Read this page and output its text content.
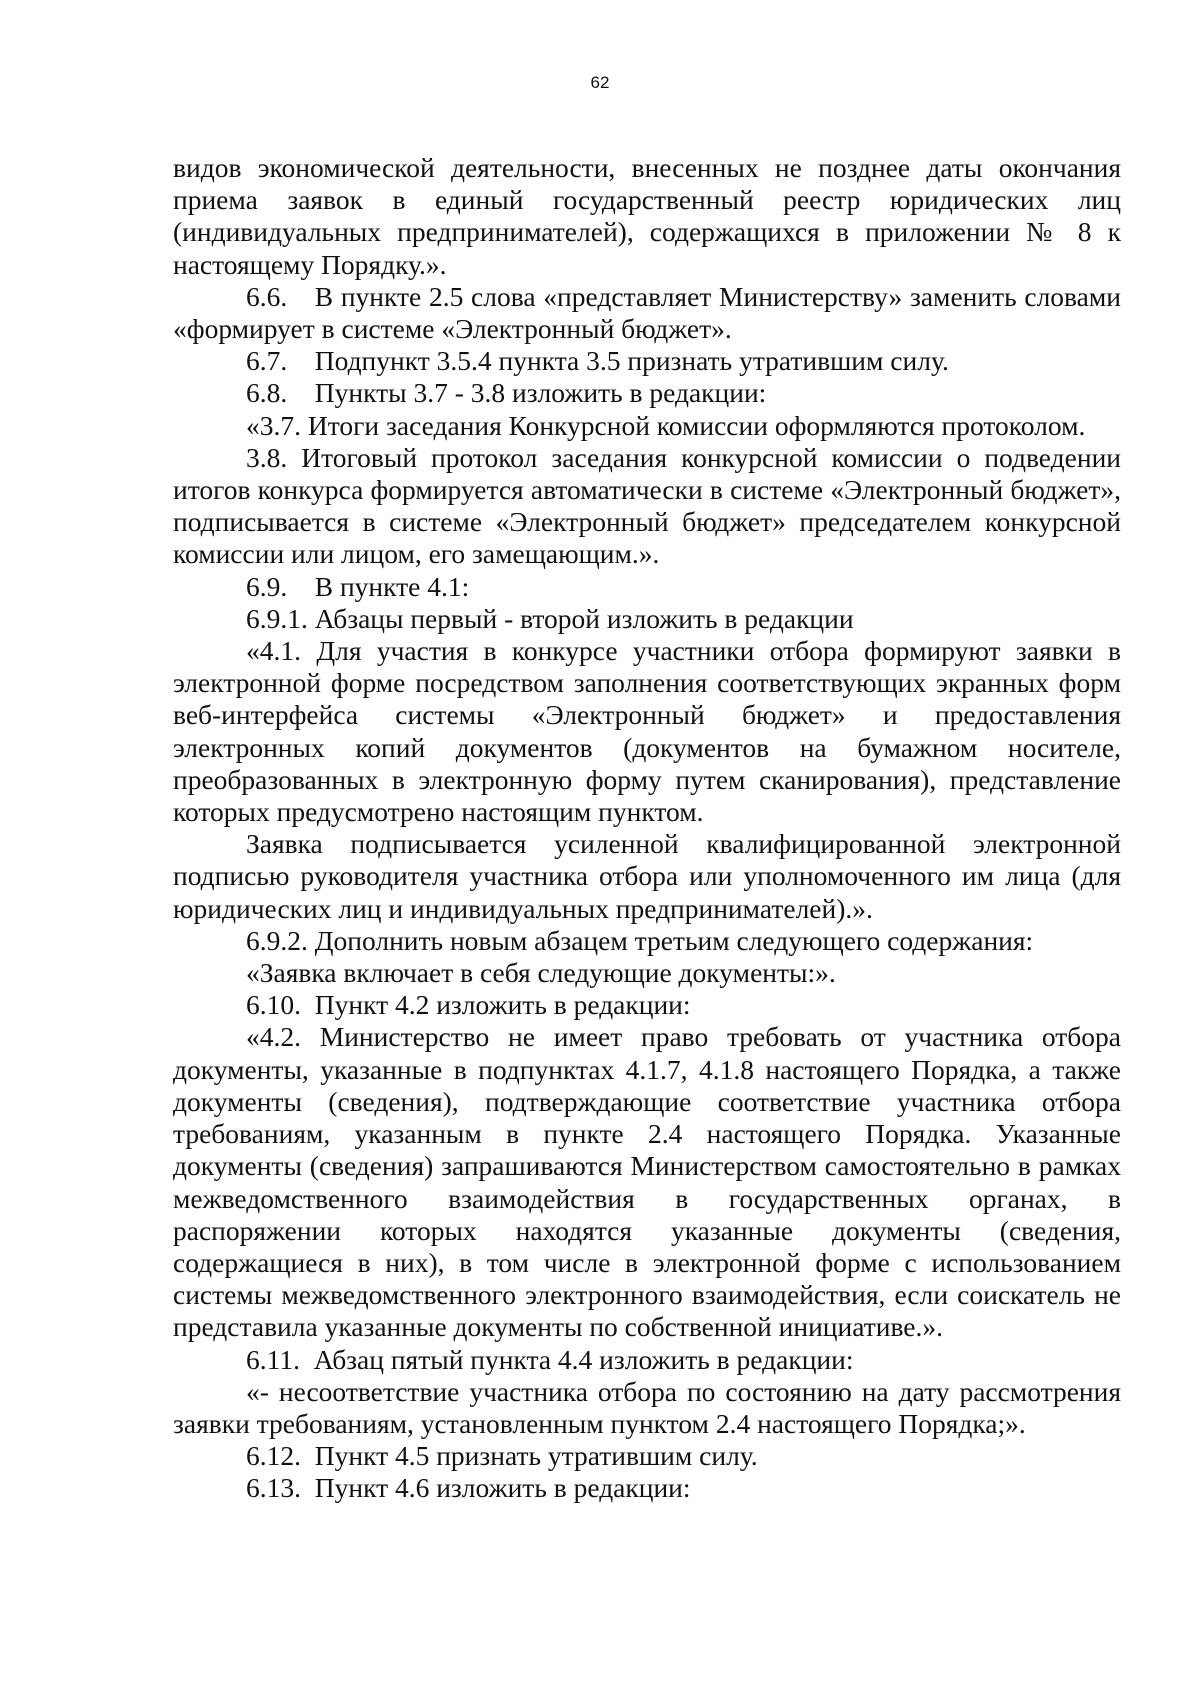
62

видов экономической деятельности, внесенных не позднее даты окончания приема заявок в единый государственный реестр юридических лиц (индивидуальных предпринимателей), содержащихся в приложении № 8 к настоящему Порядку.».

6.6. В пункте 2.5 слова «представляет Министерству» заменить словами «формирует в системе «Электронный бюджет».

6.7. Подпункт 3.5.4 пункта 3.5 признать утратившим силу.

6.8. Пункты 3.7 - 3.8 изложить в редакции:

«3.7. Итоги заседания Конкурсной комиссии оформляются протоколом.

3.8. Итоговый протокол заседания конкурсной комиссии о подведении итогов конкурса формируется автоматически в системе «Электронный бюджет», подписывается в системе «Электронный бюджет» председателем конкурсной комиссии или лицом, его замещающим.».

6.9. В пункте 4.1:

6.9.1. Абзацы первый - второй изложить в редакции

«4.1. Для участия в конкурсе участники отбора формируют заявки в электронной форме посредством заполнения соответствующих экранных форм веб-интерфейса системы «Электронный бюджет» и предоставления электронных копий документов (документов на бумажном носителе, преобразованных в электронную форму путем сканирования), представление которых предусмотрено настоящим пунктом.

Заявка подписывается усиленной квалифицированной электронной подписью руководителя участника отбора или уполномоченного им лица (для юридических лиц и индивидуальных предпринимателей).».

6.9.2. Дополнить новым абзацем третьим следующего содержания:

«Заявка включает в себя следующие документы:».

6.10. Пункт 4.2 изложить в редакции:

«4.2. Министерство не имеет право требовать от участника отбора документы, указанные в подпунктах 4.1.7, 4.1.8 настоящего Порядка, а также документы (сведения), подтверждающие соответствие участника отбора требованиям, указанным в пункте 2.4 настоящего Порядка. Указанные документы (сведения) запрашиваются Министерством самостоятельно в рамках межведомственного взаимодействия в государственных органах, в распоряжении которых находятся указанные документы (сведения, содержащиеся в них), в том числе в электронной форме с использованием системы межведомственного электронного взаимодействия, если соискатель не представила указанные документы по собственной инициативе.».

6.11. Абзац пятый пункта 4.4 изложить в редакции:

«- несоответствие участника отбора по состоянию на дату рассмотрения заявки требованиям, установленным пунктом 2.4 настоящего Порядка;».

6.12. Пункт 4.5 признать утратившим силу.

6.13. Пункт 4.6 изложить в редакции:
